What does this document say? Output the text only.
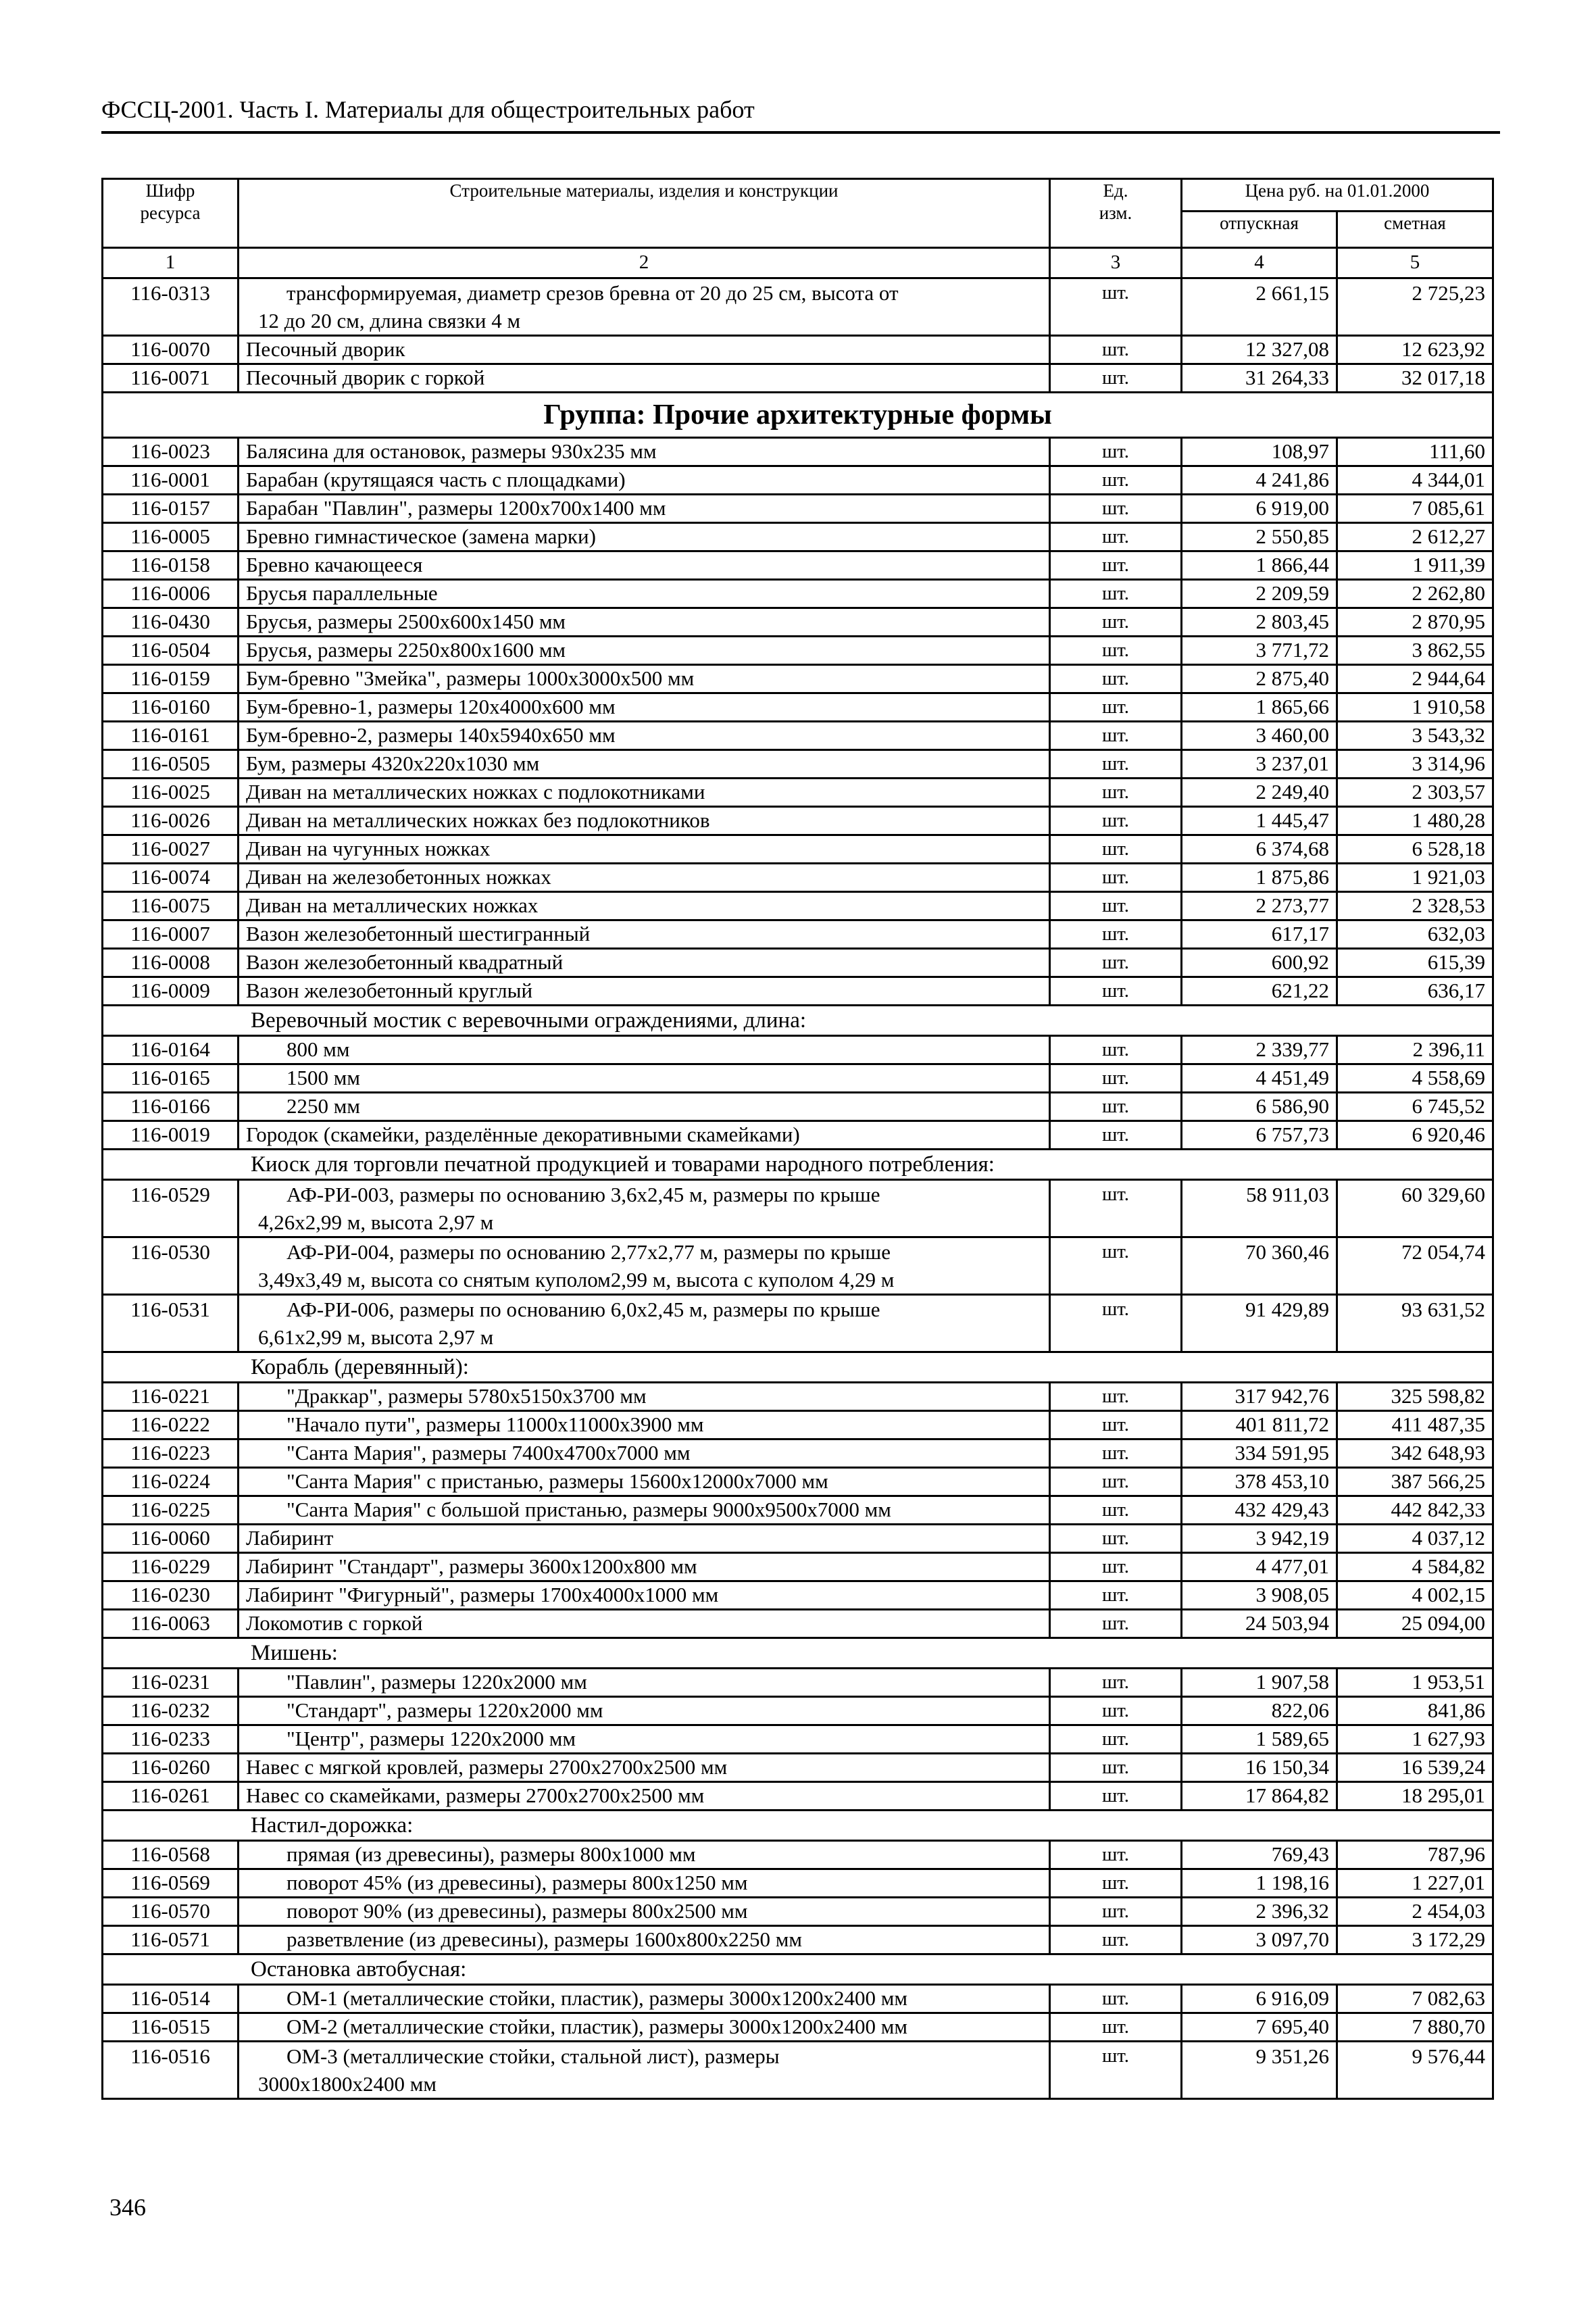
ФССЦ-2001. Часть I. Материалы для общестроительных работ
Шифр
ресурса	Строительные материалы, изделия и конструкции	Ед.
изм.	Цена руб. на 01.01.2000	
			отпускная	сметная
1	2	3	4	5
116-0313	трансформируемая, диаметр срезов бревна от 20 до 25 см, высота от
12 до 20 см, длина связки 4 м	шт.	2 661,15	2 725,23
116-0070	Песочный дворик	шт.	12 327,08	12 623,92
116-0071	Песочный дворик с горкой	шт.	31 264,33	32 017,18
Группа: Прочие архитектурные формы				
116-0023	Балясина для остановок, размеры 930х235 мм	шт.	108,97	111,60
116-0001	Барабан (крутящаяся часть с площадками)	шт.	4 241,86	4 344,01
116-0157	Барабан "Павлин", размеры 1200х700х1400 мм	шт.	6 919,00	7 085,61
116-0005	Бревно гимнастическое (замена марки)	шт.	2 550,85	2 612,27
116-0158	Бревно качающееся	шт.	1 866,44	1 911,39
116-0006	Брусья параллельные	шт.	2 209,59	2 262,80
116-0430	Брусья, размеры 2500х600х1450 мм	шт.	2 803,45	2 870,95
116-0504	Брусья, размеры 2250х800х1600 мм	шт.	3 771,72	3 862,55
116-0159	Бум-бревно "Змейка", размеры 1000х3000х500 мм	шт.	2 875,40	2 944,64
116-0160	Бум-бревно-1, размеры 120х4000х600 мм	шт.	1 865,66	1 910,58
116-0161	Бум-бревно-2, размеры 140х5940х650 мм	шт.	3 460,00	3 543,32
116-0505	Бум, размеры 4320х220х1030 мм	шт.	3 237,01	3 314,96
116-0025	Диван на металлических ножках с подлокотниками	шт.	2 249,40	2 303,57
116-0026	Диван на металлических ножках без подлокотников	шт.	1 445,47	1 480,28
116-0027	Диван на чугунных ножках	шт.	6 374,68	6 528,18
116-0074	Диван на железобетонных ножках	шт.	1 875,86	1 921,03
116-0075	Диван на металлических ножках	шт.	2 273,77	2 328,53
116-0007	Вазон железобетонный шестигранный	шт.	617,17	632,03
116-0008	Вазон железобетонный квадратный	шт.	600,92	615,39
116-0009	Вазон железобетонный круглый	шт.	621,22	636,17
Веревочный мостик с веревочными ограждениями, длина:				
116-0164	800 мм	шт.	2 339,77	2 396,11
116-0165	1500 мм	шт.	4 451,49	4 558,69
116-0166	2250 мм	шт.	6 586,90	6 745,52
116-0019	Городок (скамейки, разделённые декоративными скамейками)	шт.	6 757,73	6 920,46
Киоск для торговли печатной продукцией и товарами народного потребления:				
116-0529	АФ-РИ-003, размеры по основанию 3,6х2,45 м, размеры по крыше
4,26х2,99 м, высота 2,97 м	шт.	58 911,03	60 329,60
116-0530	АФ-РИ-004, размеры по основанию 2,77х2,77 м, размеры по крыше
3,49х3,49 м, высота со снятым куполом2,99 м, высота с куполом 4,29 м	шт.	70 360,46	72 054,74
116-0531	АФ-РИ-006, размеры по основанию 6,0х2,45 м, размеры по крыше
6,61х2,99 м, высота 2,97 м	шт.	91 429,89	93 631,52
Корабль (деревянный):				
116-0221	"Драккар", размеры 5780х5150х3700 мм	шт.	317 942,76	325 598,82
116-0222	"Начало пути", размеры 11000х11000х3900 мм	шт.	401 811,72	411 487,35
116-0223	"Санта Мария", размеры 7400х4700х7000 мм	шт.	334 591,95	342 648,93
116-0224	"Санта Мария" с пристанью, размеры 15600х12000х7000 мм	шт.	378 453,10	387 566,25
116-0225	"Санта Мария" с большой пристанью, размеры 9000х9500х7000 мм	шт.	432 429,43	442 842,33
116-0060	Лабиринт	шт.	3 942,19	4 037,12
116-0229	Лабиринт "Стандарт", размеры 3600х1200х800 мм	шт.	4 477,01	4 584,82
116-0230	Лабиринт "Фигурный", размеры 1700х4000х1000 мм	шт.	3 908,05	4 002,15
116-0063	Локомотив с горкой	шт.	24 503,94	25 094,00
Мишень:				
116-0231	"Павлин", размеры 1220х2000 мм	шт.	1 907,58	1 953,51
116-0232	"Стандарт", размеры 1220х2000 мм	шт.	822,06	841,86
116-0233	"Центр", размеры 1220х2000 мм	шт.	1 589,65	1 627,93
116-0260	Навес с мягкой кровлей, размеры 2700х2700х2500 мм	шт.	16 150,34	16 539,24
116-0261	Навес со скамейками, размеры 2700х2700х2500 мм	шт.	17 864,82	18 295,01
Настил-дорожка:				
116-0568	прямая (из древесины), размеры 800х1000 мм	шт.	769,43	787,96
116-0569	поворот 45% (из древесины), размеры 800х1250 мм	шт.	1 198,16	1 227,01
116-0570	поворот 90% (из древесины), размеры 800х2500 мм	шт.	2 396,32	2 454,03
116-0571	разветвление (из древесины), размеры 1600х800х2250 мм	шт.	3 097,70	3 172,29
Остановка автобусная:				
116-0514	ОМ-1 (металлические стойки, пластик), размеры 3000х1200х2400 мм	шт.	6 916,09	7 082,63
116-0515	ОМ-2 (металлические стойки, пластик), размеры 3000х1200х2400 мм	шт.	7 695,40	7 880,70
116-0516	ОМ-3 (металлические стойки, стальной лист), размеры
3000х1800х2400 мм	шт.	9 351,26	9 576,44
346
